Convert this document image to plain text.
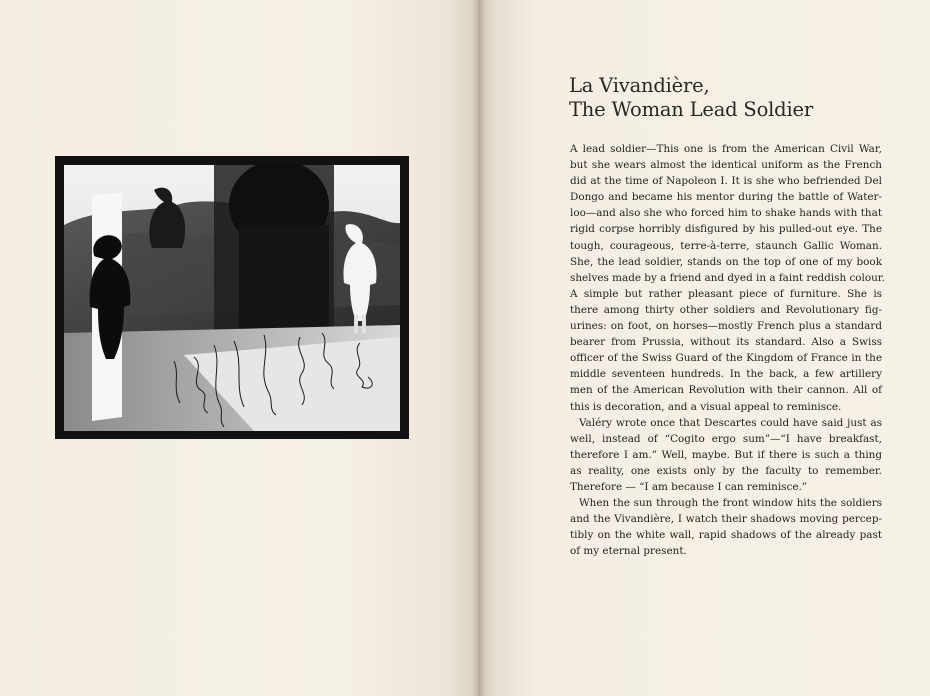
La Vivandière,
The Woman Lead Soldier
A lead soldier—This one is from the American Civil War,
but she wears almost the identical uniform as the French
did at the time of Napoleon I. It is she who befriended Del
Dongo and became his mentor during the battle of Water-
loo—and also she who forced him to shake hands with that
rigid corpse horribly disfigured by his pulled-out eye. The
tough, courageous, terre-à-terre, staunch Gallic Woman.
She, the lead soldier, stands on the top of one of my book
shelves made by a friend and dyed in a faint reddish colour.
A simple but rather pleasant piece of furniture. She is
there among thirty other soldiers and Revolutionary fig-
urines: on foot, on horses—mostly French plus a standard
bearer from Prussia, without its standard. Also a Swiss
officer of the Swiss Guard of the Kingdom of France in the
middle seventeen hundreds. In the back, a few artillery
men of the American Revolution with their cannon. All of
this is decoration, and a visual appeal to reminisce.
Valéry wrote once that Descartes could have said just as
well, instead of “Cogito ergo sum”—“I have breakfast,
therefore I am.” Well, maybe. But if there is such a thing
as reality, one exists only by the faculty to remember.
Therefore — “I am because I can reminisce.”
When the sun through the front window hits the soldiers
and the Vivandière, I watch their shadows moving percep-
tibly on the white wall, rapid shadows of the already past
of my eternal present.
